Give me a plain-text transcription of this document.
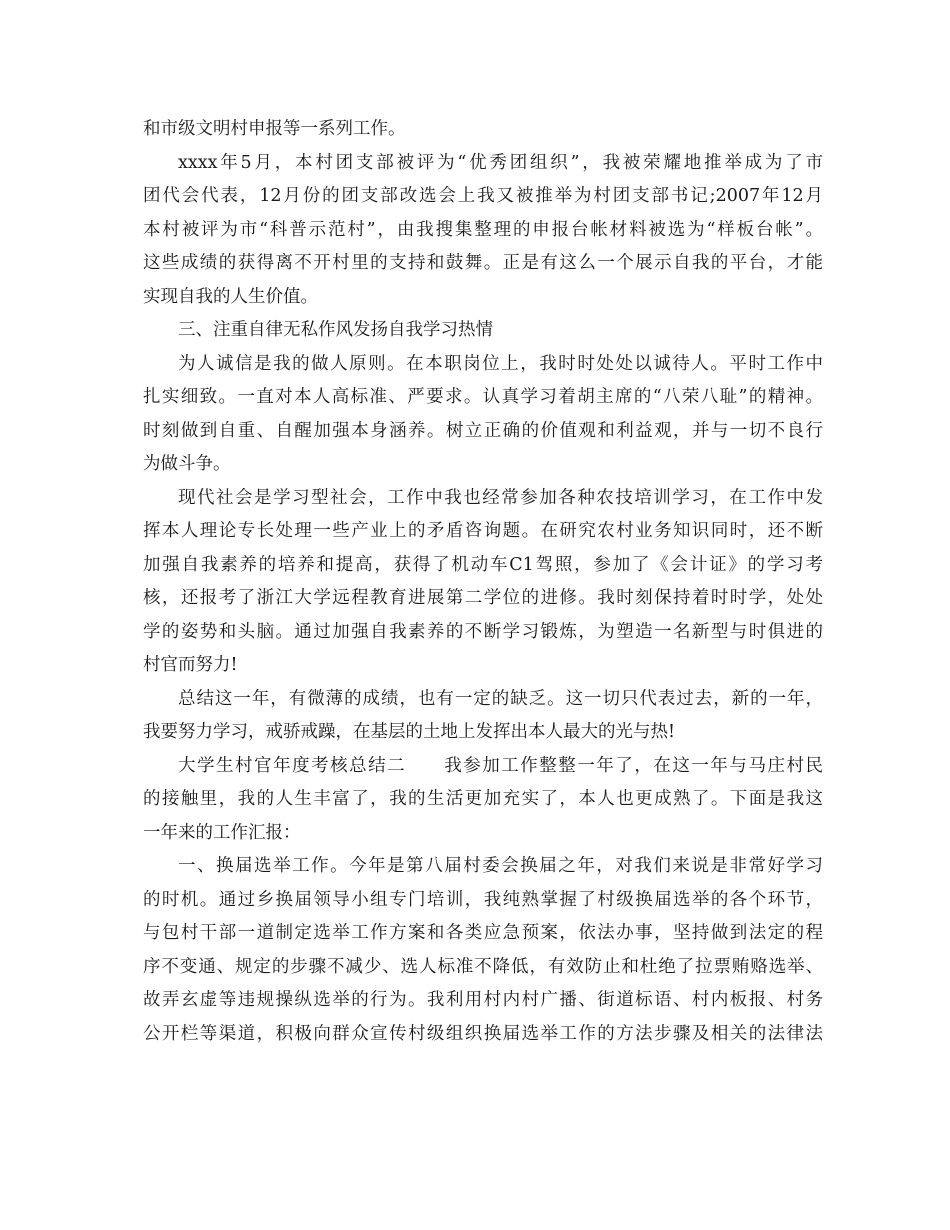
和市级文明村申报等一系列工作。
xxxx年5月，本村团支部被评为“优秀团组织”，我被荣耀地推举成为了市
团代会代表，12月份的团支部改选会上我又被推举为村团支部书记;2007年12月
本村被评为市“科普示范村”，由我搜集整理的申报台帐材料被选为“样板台帐”。
这些成绩的获得离不开村里的支持和鼓舞。正是有这么一个展示自我的平台，才能
实现自我的人生价值。
三、注重自律无私作风发扬自我学习热情
为人诚信是我的做人原则。在本职岗位上，我时时处处以诚待人。平时工作中
扎实细致。一直对本人高标准、严要求。认真学习着胡主席的“八荣八耻”的精神。
时刻做到自重、自醒加强本身涵养。树立正确的价值观和利益观，并与一切不良行
为做斗争。
现代社会是学习型社会，工作中我也经常参加各种农技培训学习，在工作中发
挥本人理论专长处理一些产业上的矛盾咨询题。在研究农村业务知识同时，还不断
加强自我素养的培养和提高，获得了机动车C1驾照，参加了《会计证》的学习考
核，还报考了浙江大学远程教育进展第二学位的进修。我时刻保持着时时学，处处
学的姿势和头脑。通过加强自我素养的不断学习锻炼，为塑造一名新型与时俱进的
村官而努力!
总结这一年，有微薄的成绩，也有一定的缺乏。这一切只代表过去，新的一年，
我要努力学习，戒骄戒躁，在基层的土地上发挥出本人最大的光与热!
大学生村官年度考核总结二　　我参加工作整整一年了，在这一年与马庄村民
的接触里，我的人生丰富了，我的生活更加充实了，本人也更成熟了。下面是我这
一年来的工作汇报：
一、换届选举工作。今年是第八届村委会换届之年，对我们来说是非常好学习
的时机。通过乡换届领导小组专门培训，我纯熟掌握了村级换届选举的各个环节，
与包村干部一道制定选举工作方案和各类应急预案，依法办事，坚持做到法定的程
序不变通、规定的步骤不减少、选人标准不降低，有效防止和杜绝了拉票贿赂选举、
故弄玄虚等违规操纵选举的行为。我利用村内村广播、街道标语、村内板报、村务
公开栏等渠道，积极向群众宣传村级组织换届选举工作的方法步骤及相关的法律法
